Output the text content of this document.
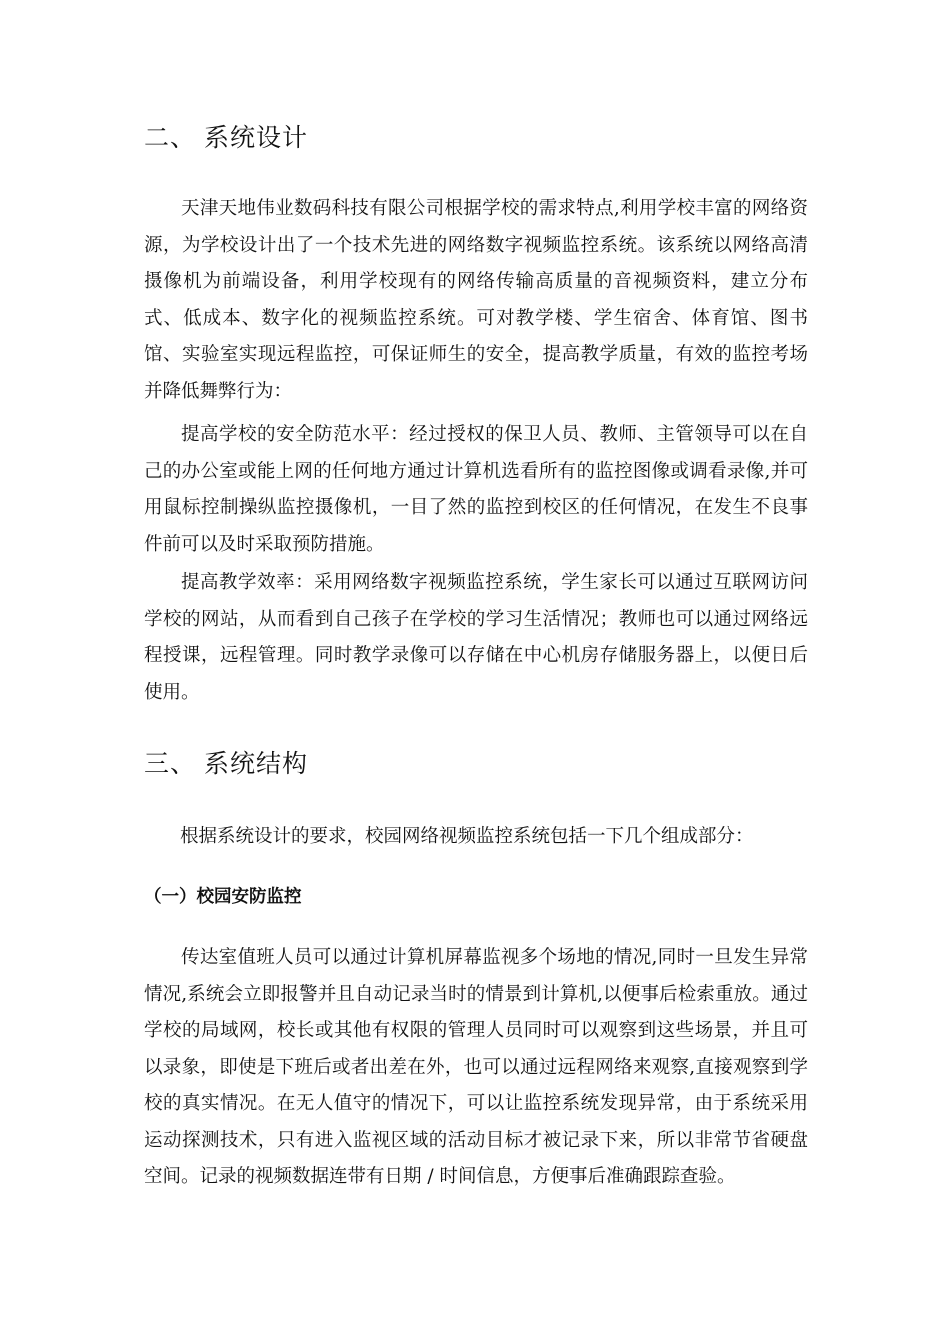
二、 系统设计

天津天地伟业数码科技有限公司根据学校的需求特点,利用学校丰富的网络资源，为学校设计出了一个技术先进的网络数字视频监控系统。该系统以网络高清摄像机为前端设备，利用学校现有的网络传输高质量的音视频资料，建立分布式、低成本、数字化的视频监控系统。可对教学楼、学生宿舍、体育馆、图书馆、实验室实现远程监控，可保证师生的安全，提高教学质量，有效的监控考场并降低舞弊行为：

提高学校的安全防范水平：经过授权的保卫人员、教师、主管领导可以在自己的办公室或能上网的任何地方通过计算机选看所有的监控图像或调看录像,并可用鼠标控制操纵监控摄像机，一目了然的监控到校区的任何情况，在发生不良事件前可以及时采取预防措施。

提高教学效率：采用网络数字视频监控系统，学生家长可以通过互联网访问学校的网站，从而看到自己孩子在学校的学习生活情况；教师也可以通过网络远程授课，远程管理。同时教学录像可以存储在中心机房存储服务器上，以便日后使用。

三、 系统结构

根据系统设计的要求，校园网络视频监控系统包括一下几个组成部分：

（一）校园安防监控

传达室值班人员可以通过计算机屏幕监视多个场地的情况,同时一旦发生异常情况,系统会立即报警并且自动记录当时的情景到计算机,以便事后检索重放。通过学校的局域网，校长或其他有权限的管理人员同时可以观察到这些场景，并且可以录象，即使是下班后或者出差在外，也可以通过远程网络来观察,直接观察到学校的真实情况。在无人值守的情况下，可以让监控系统发现异常，由于系统采用运动探测技术，只有进入监视区域的活动目标才被记录下来，所以非常节省硬盘空间。记录的视频数据连带有日期 / 时间信息，方便事后准确跟踪查验。
